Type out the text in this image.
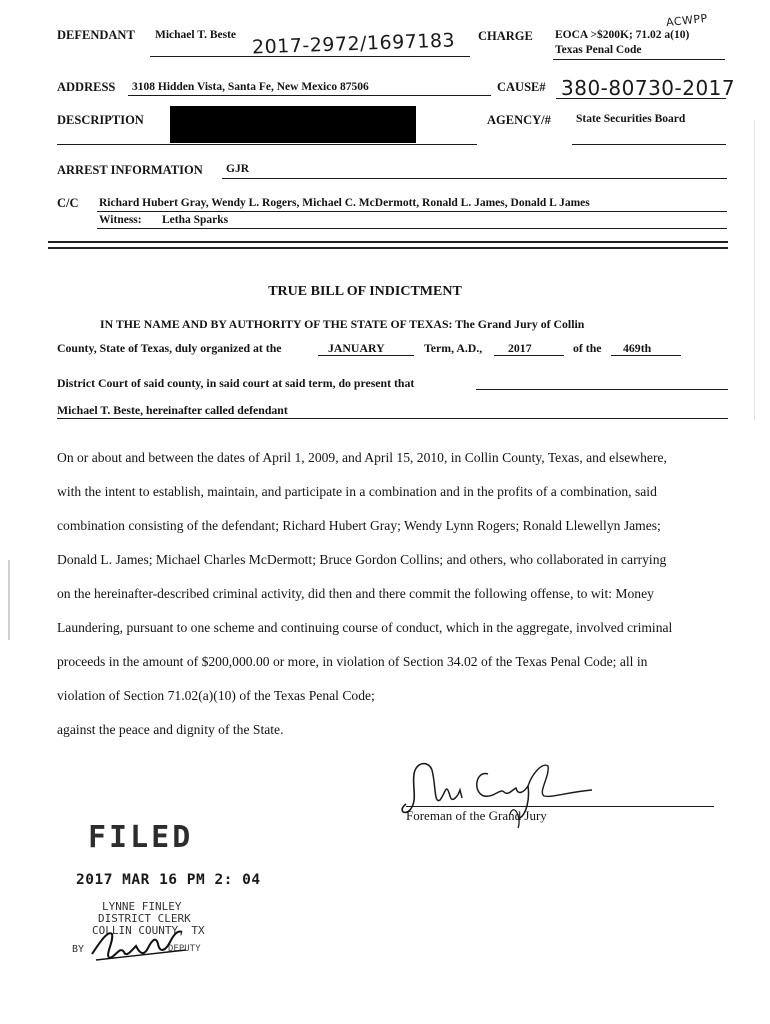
DEFENDANT Michael T. Beste 2017-2972/1697183
ACWPP
CHARGE EOCA >$200K; 71.02 a(10)
Texas Penal Code
ADDRESS 3108 Hidden Vista, Santa Fe, New Mexico 87506	CAUSE# 380-80730-2017
DESCRIPTION	AGENCY/# State Securities Board
ARREST INFORMATION GJR
C/C Richard Hubert Gray, Wendy L. Rogers, Michael C. McDermott, Ronald L. James, Donald L James
Witness: Letha Sparks
TRUE BILL OF INDICTMENT
IN THE NAME AND BY AUTHORITY OF THE STATE OF TEXAS: The Grand Jury of Collin
County, State of Texas, duly organized at the	JANUARY	Term, A.D., 2017	of the 469th
District Court of said county, in said court at said term, do present that
Michael T. Beste, hereinafter called defendant
On or about and between the dates of April 1, 2009, and April 15, 2010, in Collin County, Texas, and elsewhere,
with the intent to establish, maintain, and participate in a combination and in the profits of a combination, said
combination consisting of the defendant; Richard Hubert Gray; Wendy Lynn Rogers; Ronald Llewellyn James;
Donald L. James; Michael Charles McDermott; Bruce Gordon Collins; and others, who collaborated in carrying
on the hereinafter-described criminal activity, did then and there commit the following offense, to wit: Money
Laundering, pursuant to one scheme and continuing course of conduct, which in the aggregate, involved criminal
proceeds in the amount of $200,000.00 or more, in violation of Section 34.02 of the Texas Penal Code; all in
violation of Section 71.02(a)(10) of the Texas Penal Code;
against the peace and dignity of the State.
Foreman of the Grand Jury
FILED
2017 MAR 16 PM 2: 04
LYNNE FINLEY
DISTRICT CLERK
COLLIN COUNTY, TX
BY	DEPUTY
